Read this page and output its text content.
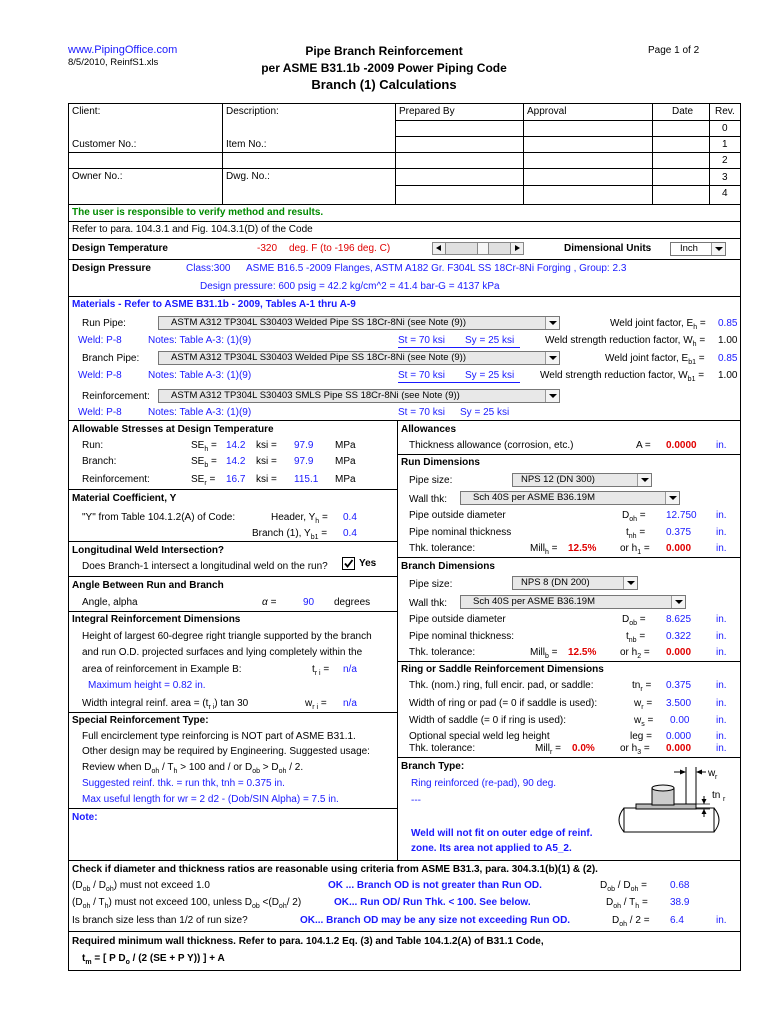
www.PipingOffice.com
8/5/2010, ReinfS1.xls
Pipe Branch Reinforcement
per ASME B31.1b -2009 Power Piping Code
Branch (1) Calculations
Page 1 of 2
Client:	Description:	Prepared By	Approval	Date Rev.
Customer No.:	Item No.:
Owner No.:	Dwg. No.:
0
1
2
3
4
The user is responsible to verify method and results.
Refer to para. 104.3.1 and Fig. 104.3.1(D) of the Code
Design Temperature	-320 deg. F (to -196 deg. C)	Dimensional Units	Inch
Design Pressure	Class:300 ASME B16.5 -2009 Flanges, ASTM A182 Gr. F304L SS 18Cr-8Ni Forging , Group: 2.3
Design pressure: 600 psig = 42.2 kg/cm^2 = 41.4 bar-G = 4137 kPa
Materials - Refer to ASME B31.1b - 2009, Tables A-1 thru A-9
Run Pipe:	ASTM A312 TP304L S30403 Welded Pipe SS 18Cr-8Ni (see Note (9))	Weld joint factor, $E_h = 0.85$
Weld: P-8	Notes: Table A-3: (1)(9)	St = 70 ksi Sy = 25 ksi	Weld strength reduction factor, $W_h = 1.00$
Branch Pipe:	ASTM A312 TP304L S30403 Welded Pipe SS 18Cr-8Ni (see Note (9))	Weld joint factor, $E_{b1} = 0.85$
Weld: P-8	Notes: Table A-3: (1)(9)	St = 70 ksi Sy = 25 ksi	Weld strength reduction factor, $W_{b1} = 1.00$
Reinforcement:	ASTM A312 TP304L S30403 SMLS Pipe SS 18Cr-8Ni (see Note (9))
Weld: P-8	Notes: Table A-3: (1)(9)	St = 70 ksi Sy = 25 ksi
Allowable Stresses at Design Temperature
Run:	$SE_h = 14.2$ ksi = 97.9 MPa
Branch:	$SE_b = 14.2$ ksi = 97.9 MPa
Reinforcement:	$SE_r = 16.7$ ksi = 115.1 MPa
Material Coefficient, Y
"Y" from Table 104.1.2(A) of Code:	Header, $Y_h = 0.4$
Branch (1), $Y_{b1} = 0.4$
Longitudinal Weld Intersection?
Does Branch-1 intersect a longitudinal weld on the run?	Yes
Angle Between Run and Branch
Angle, alpha	α =	90 degrees
Integral Reinforcement Dimensions
Height of largest 60-degree right triangle supported by the branch
and run O.D. projected surfaces and lying completely within the
area of reinforcement in Example B:	$t_{r i} = n/a$
Maximum height = 0.82 in.
Width integral reinf. area = $(t_{r i})$ tan 30	$w_{r i} = n/a$
Special Reinforcement Type:
Full encirclement type reinforcing is NOT part of ASME B31.1.
Other design may be required by Engineering. Suggested usage:
Review when $D_{oh} / T_h > 100$ and / or $D_{ob} > D_{oh} / 2$.
Suggested reinf. thk. = run thk, tnh = 0.375 in.
Max useful length for wr = 2 d2 - (Dob/SIN Alpha) = 7.5 in.
Note:
Allowances
Thickness allowance (corrosion, etc.)	A = 0.0000 in.
Run Dimensions
Pipe size:	NPS 12 (DN 300)
Wall thk:	Sch 40S per ASME B36.19M
Pipe outside diameter	$D_{oh} = 12.750$ in.
Pipe nominal thickness	$t_{nh} = 0.375$ in.
Thk. tolerance:	Mill$_h$ = 12.5% or $h_1 = 0.000$ in.
Branch Dimensions
Pipe size:	NPS 8 (DN 200)
Wall thk:	Sch 40S per ASME B36.19M
Pipe outside diameter	$D_{ob} = 8.625$ in.
Pipe nominal thickness:	$t_{nb} = 0.322$ in.
Thk. tolerance:	Mill$_b$ = 12.5% or $h_2 = 0.000$ in.
Ring or Saddle Reinforcement Dimensions
Thk. (nom.) ring, full encir. pad, or saddle:	$tn_r = 0.375$ in.
Width of ring or pad (= 0 if saddle is used):	$w_r = 3.500$ in.
Width of saddle (= 0 if ring is used):	$w_s = 0.00$	in.
Optional special weld leg height	leg = 0.000 in.
Thk. tolerance:	Mill$_r$ = 0.0%	or $h_3 = 0.000$ in.
Branch Type:
Ring reinforced (re-pad), 90 deg.
---
w r
tn r
Weld will not fit on outer edge of reinf.
zone. Its area not applied to A5_2.
Check if diameter and thickness ratios are reasonable using criteria from ASME B31.3, para. 304.3.1(b)(1) & (2).
$(D_{ob} / D_{oh})$ must not exceed 1.0	OK ... Branch OD is not greater than Run OD.	$D_{ob} / D_{oh} = 0.68$
$(D_{oh} / T_h)$ must not exceed 100, unless $D_{ob} <(D_{oh}/$ 2)	OK... Run OD/ Run Thk. < 100. See below.	$D_{oh} / T_h = 38.9$
Is branch size less than 1/2 of run size?	OK... Branch OD may be any size not exceeding Run OD.	$D_{oh} / 2 = 6.4$	in.
Required minimum wall thickness. Refer to para. 104.1.2 Eq. (3) and Table 104.1.2(A) of B31.1 Code,
$t_m$ = [ P $D_o / (2$ (SE + P Y)) ] + A
